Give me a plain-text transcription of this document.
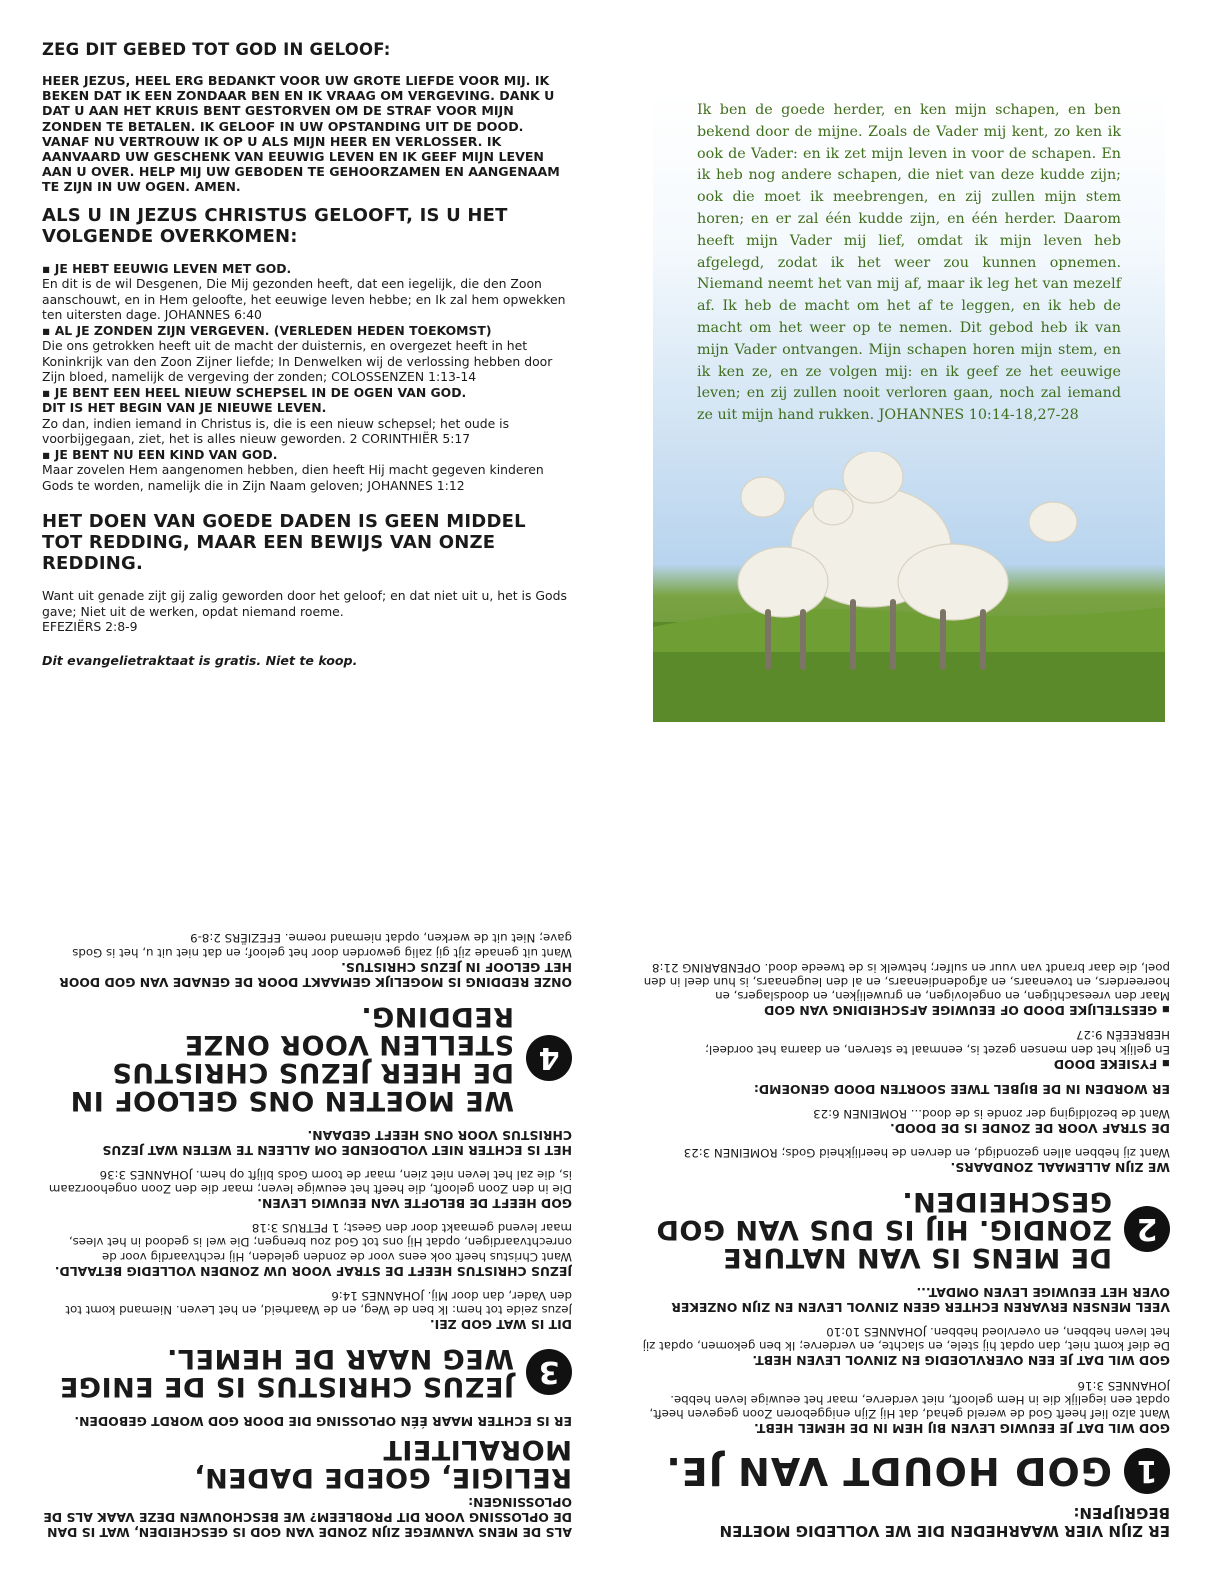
ZEG DIT GEBED TOT GOD IN GELOOF:
HEER JEZUS, HEEL ERG BEDANKT VOOR UW GROTE LIEFDE VOOR MIJ. IK BEKEN DAT IK EEN ZONDAAR BEN EN IK VRAAG OM VERGEVING. DANK U DAT U AAN HET KRUIS BENT GESTORVEN OM DE STRAF VOOR MIJN ZONDEN TE BETALEN. IK GELOOF IN UW OPSTANDING UIT DE DOOD. VANAF NU VERTROUW IK OP U ALS MIJN HEER EN VERLOSSER. IK AANVAARD UW GESCHENK VAN EEUWIG LEVEN EN IK GEEF MIJN LEVEN AAN U OVER. HELP MIJ UW GEBODEN TE GEHOORZAMEN EN AANGENAAM TE ZIJN IN UW OGEN. AMEN.
ALS U IN JEZUS CHRISTUS GELOOFT, IS U HET VOLGENDE OVERKOMEN:
▪ JE HEBT EEUWIG LEVEN MET GOD.
En dit is de wil Desgenen, Die Mij gezonden heeft, dat een iegelijk, die den Zoon aanschouwt, en in Hem geloofte, het eeuwige leven hebbe; en Ik zal hem opwekken ten uitersten dage. JOHANNES 6:40
▪ AL JE ZONDEN ZIJN VERGEVEN. (VERLEDEN HEDEN TOEKOMST)
Die ons getrokken heeft uit de macht der duisternis, en overgezet heeft in het Koninkrijk van den Zoon Zijner liefde; In Denwelken wij de verlossing hebben door Zijn bloed, namelijk de vergeving der zonden; COLOSSENZEN 1:13-14
▪ JE BENT EEN HEEL NIEUW SCHEPSEL IN DE OGEN VAN GOD.
DIT IS HET BEGIN VAN JE NIEUWE LEVEN.
Zo dan, indien iemand in Christus is, die is een nieuw schepsel; het oude is voorbijgegaan, ziet, het is alles nieuw geworden. 2 CORINTHIËR 5:17
▪ JE BENT NU EEN KIND VAN GOD.
Maar zovelen Hem aangenomen hebben, dien heeft Hij macht gegeven kinderen Gods te worden, namelijk die in Zijn Naam geloven; JOHANNES 1:12
HET DOEN VAN GOEDE DADEN IS GEEN MIDDEL TOT REDDING, MAAR EEN BEWIJS VAN ONZE REDDING.
Want uit genade zijt gij zalig geworden door het geloof; en dat niet uit u, het is Gods gave; Niet uit de werken, opdat niemand roeme.
EFEZIËRS 2:8-9
Dit evangelietraktaat is gratis. Niet te koop.
Ik ben de goede herder, en ken mijn schapen, en ben bekend door de mijne. Zoals de Vader mij kent, zo ken ik ook de Vader: en ik zet mijn leven in voor de schapen. En ik heb nog andere schapen, die niet van deze kudde zijn; ook die moet ik meebrengen, en zij zullen mijn stem horen; en er zal één kudde zijn, en één herder. Daarom heeft mijn Vader mij lief, omdat ik mijn leven heb afgelegd, zodat ik het weer zou kunnen opnemen. Niemand neemt het van mij af, maar ik leg het van mezelf af. Ik heb de macht om het af te leggen, en ik heb de macht om het weer op te nemen. Dit gebod heb ik van mijn Vader ontvangen. Mijn schapen horen mijn stem, en ik ken ze, en ze volgen mij: en ik geef ze het eeuwige leven; en zij zullen nooit verloren gaan, noch zal iemand ze uit mijn hand rukken. JOHANNES 10:14-18,27-28
ER ZIJN VIER WAARHEDEN DIE WE VOLLEDIG MOETEN BEGRIJPEN:
1
GOD HOUDT VAN JE.
GOD WIL DAT JE EEUWIG LEVEN BIJ HEM IN DE HEMEL HEBT.
Want alzo lief heeft God de wereld gehad, dat Hij Zijn eniggeboren Zoon gegeven heeft, opdat een iegelijk die in Hem gelooft, niet verderve, maar het eeuwige leven hebbe. JOHANNES 3:16
GOD WIL DAT JE EEN OVERVLOEDIG EN ZINVOL LEVEN HEBT.
De dief komt niet, dan opdat hij stele, en slachte, en verderve; Ik ben gekomen, opdat zij het leven hebben, en overvloed hebben. JOHANNES 10:10
VEEL MENSEN ERVAREN ECHTER GEEN ZINVOL LEVEN EN ZIJN ONZEKER OVER HET EEUWIGE LEVEN OMDAT...
2
DE MENS IS VAN NATURE ZONDIG. HIJ IS DUS VAN GOD GESCHEIDEN.
WE ZIJN ALLEMAAL ZONDAARS.
Want zij hebben allen gezondigd, en derven de heerlijkheid Gods; ROMEINEN 3:23
DE STRAF VOOR DE ZONDE IS DE DOOD.
Want de bezoldiging der zonde is de dood... ROMEINEN 6:23
ER WORDEN IN DE BIJBEL TWEE SOORTEN DOOD GENOEMD:
▪ FYSIEKE DOOD
En gelijk het den mensen gezet is, eenmaal te sterven, en daarna het oordeel; HEBREEËN 9:27
▪ GEESTELIJKE DOOD OF EEUWIGE AFSCHEIDING VAN GOD
Maar den vreesachtigen, en ongelovigen, en gruwelijken, en doodslagers, en hoereerders, en tovenaars, en afgodendienaars, en al den leugenaars, is hun deel in den poel, die daar brandt van vuur en sulfer; hetwelk is de tweede dood. OPENBARING 21:8
ALS DE MENS VANWEGE ZIJN ZONDE VAN GOD IS GESCHEIDEN, WAT IS DAN DE OPLOSSING VOOR DIT PROBLEEM? WE BESCHOUWEN DEZE VAAK ALS DE OPLOSSINGEN:
RELIGIE, GOEDE DADEN, MORALITEIT
ER IS ECHTER MAAR ÉÉN OPLOSSING DIE DOOR GOD WORDT GEBODEN.
3
JEZUS CHRISTUS IS DE ENIGE WEG NAAR DE HEMEL.
DIT IS WAT GOD ZEI.
Jezus zeide tot hem: Ik ben de Weg, en de Waarheid, en het Leven. Niemand komt tot den Vader, dan door Mij. JOHANNES 14:6
JEZUS CHRISTUS HEEFT DE STRAF VOOR UW ZONDEN VOLLEDIG BETAALD.
Want Christus heeft ook eens voor de zonden geleden, Hij rechtvaardig voor de onrechtvaardigen, opdat Hij ons tot God zou brengen; Die wel is gedood in het vlees, maar levend gemaakt door den Geest; 1 PETRUS 3:18
GOD HEEFT DE BELOFTE VAN EEUWIG LEVEN.
Die in den Zoon gelooft, die heeft het eeuwige leven; maar die den Zoon ongehoorzaam is, die zal het leven niet zien, maar de toorn Gods blijft op hem. JOHANNES 3:36
HET IS ECHTER NIET VOLDOENDE OM ALLEEN TE WETEN WAT JEZUS CHRISTUS VOOR ONS HEEFT GEDAAN.
4
WE MOETEN ONS GELOOF IN DE HEER JEZUS CHRISTUS STELLEN VOOR ONZE REDDING.
ONZE REDDING IS MOGELIJK GEMAAKT DOOR DE GENADE VAN GOD DOOR HET GELOOF IN JEZUS CHRISTUS.
Want uit genade zijt gij zalig geworden door het geloof; en dat niet uit u, het is Gods gave; Niet uit de werken, opdat niemand roeme. EFEZIËRS 2:8-9
